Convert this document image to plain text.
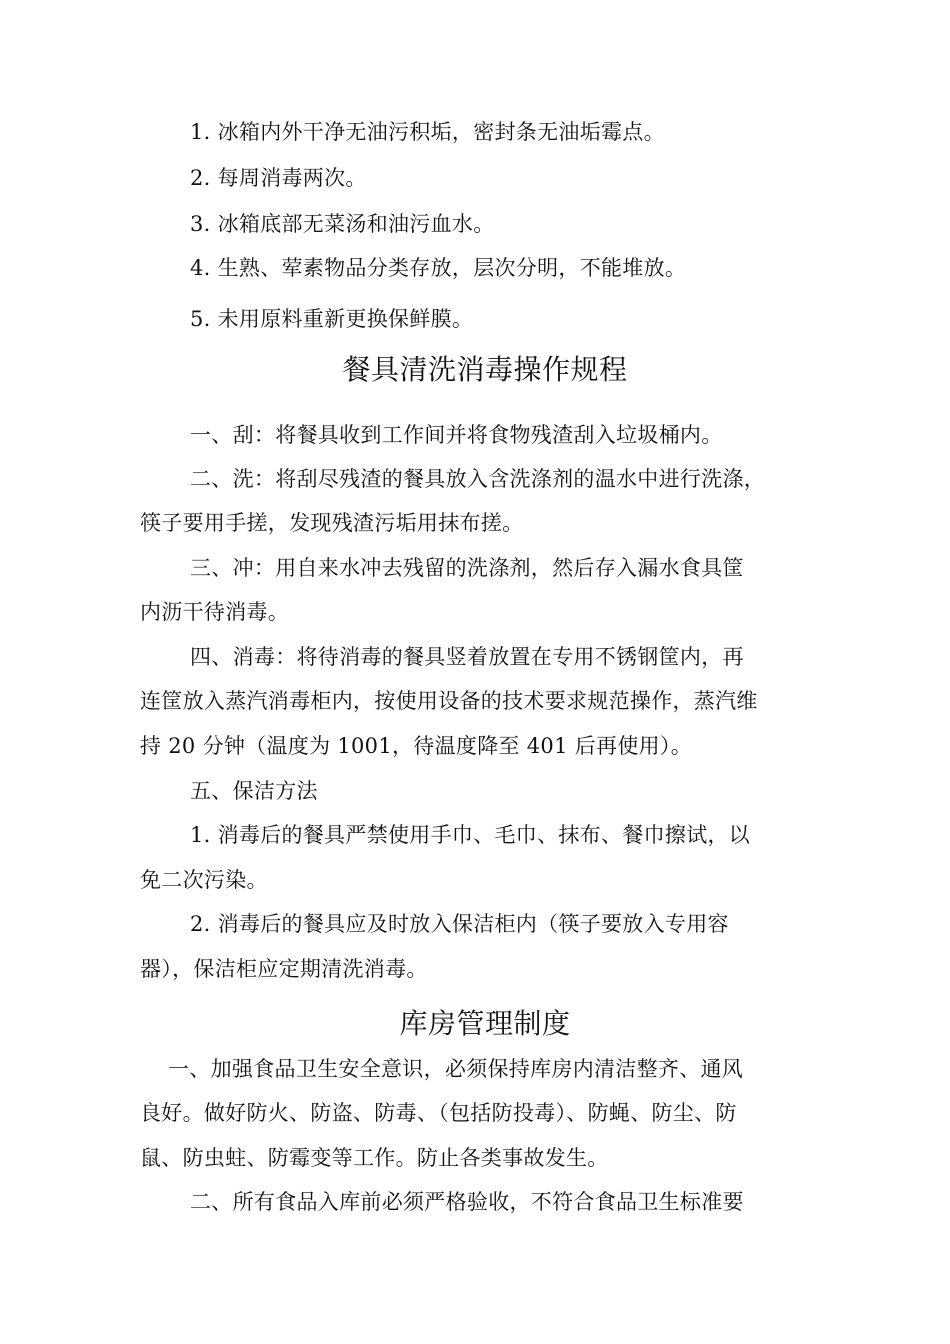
1. 冰箱内外干净无油污积垢，密封条无油垢霉点。
2. 每周消毒两次。
3. 冰箱底部无菜汤和油污血水。
4. 生熟、荤素物品分类存放，层次分明，不能堆放。
5. 未用原料重新更换保鲜膜。
餐具清洗消毒操作规程
一、刮：将餐具收到工作间并将食物残渣刮入垃圾桶内。
二、洗：将刮尽残渣的餐具放入含洗涤剂的温水中进行洗涤，
筷子要用手搓，发现残渣污垢用抹布搓。
三、冲：用自来水冲去残留的洗涤剂，然后存入漏水食具筐
内沥干待消毒。
四、消毒：将待消毒的餐具竖着放置在专用不锈钢筐内，再
连筐放入蒸汽消毒柜内，按使用设备的技术要求规范操作，蒸汽维
持 20 分钟（温度为 1001，待温度降至 401 后再使用）。
五、保洁方法
1. 消毒后的餐具严禁使用手巾、毛巾、抹布、餐巾擦试，以
免二次污染。
2. 消毒后的餐具应及时放入保洁柜内（筷子要放入专用容
器），保洁柜应定期清洗消毒。
库房管理制度
一、加强食品卫生安全意识，必须保持库房内清洁整齐、通风
良好。做好防火、防盗、防毒、（包括防投毒）、防蝇、防尘、防
鼠、防虫蛀、防霉变等工作。防止各类事故发生。
二、所有食品入库前必须严格验收，不符合食品卫生标准要
